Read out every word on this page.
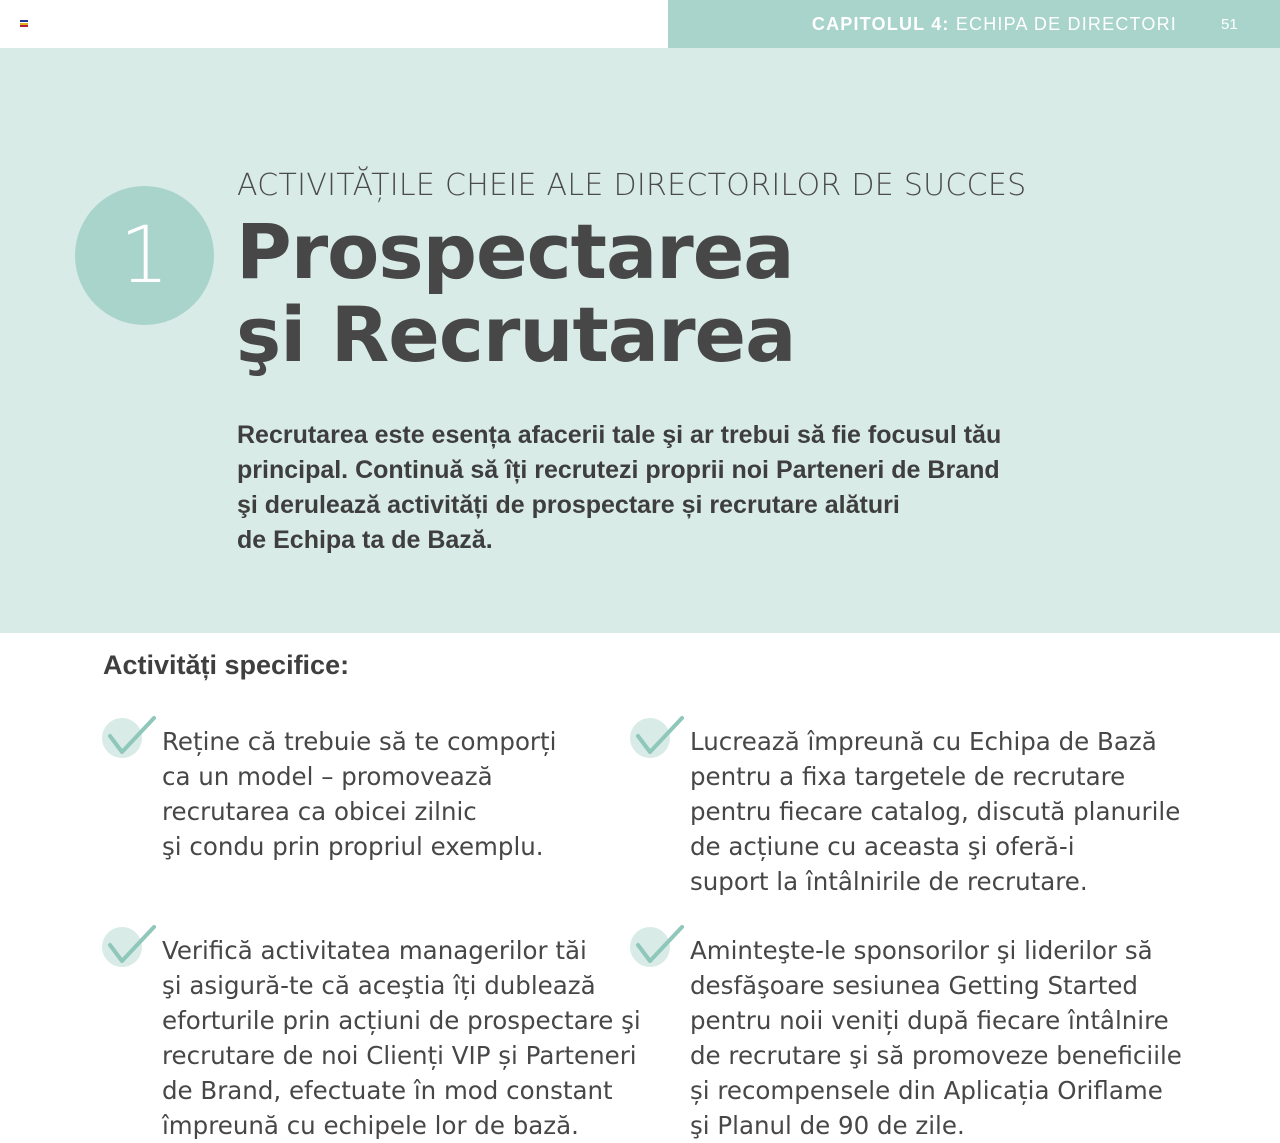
CAPITOLUL 4: ECHIPA DE DIRECTORI	51
1
ACTIVITĂȚILE CHEIE ALE DIRECTORILOR DE SUCCES
Prospectarea
şi Recrutarea
Recrutarea este esența afacerii tale şi ar trebui să fie focusul tău
principal. Continuă să îți recrutezi proprii noi Parteneri de Brand
şi derulează activități de prospectare și recrutare alături
de Echipa ta de Bază.
Activități specifice:
Reține că trebuie să te comporți
ca un model – promovează
recrutarea ca obicei zilnic
şi condu prin propriul exemplu.
Lucrează împreună cu Echipa de Bază
pentru a fixa targetele de recrutare
pentru fiecare catalog, discută planurile
de acțiune cu aceasta şi oferă-i
suport la întâlnirile de recrutare.
Verifică activitatea managerilor tăi
şi asigură-te că aceştia îți dublează
eforturile prin acțiuni de prospectare şi
recrutare de noi Clienți VIP și Parteneri
de Brand, efectuate în mod constant
împreună cu echipele lor de bază.
Aminteşte-le sponsorilor şi liderilor să
desfăşoare sesiunea Getting Started
pentru noii veniți după fiecare întâlnire
de recrutare şi să promoveze beneficiile
și recompensele din Aplicația Oriflame
şi Planul de 90 de zile.
